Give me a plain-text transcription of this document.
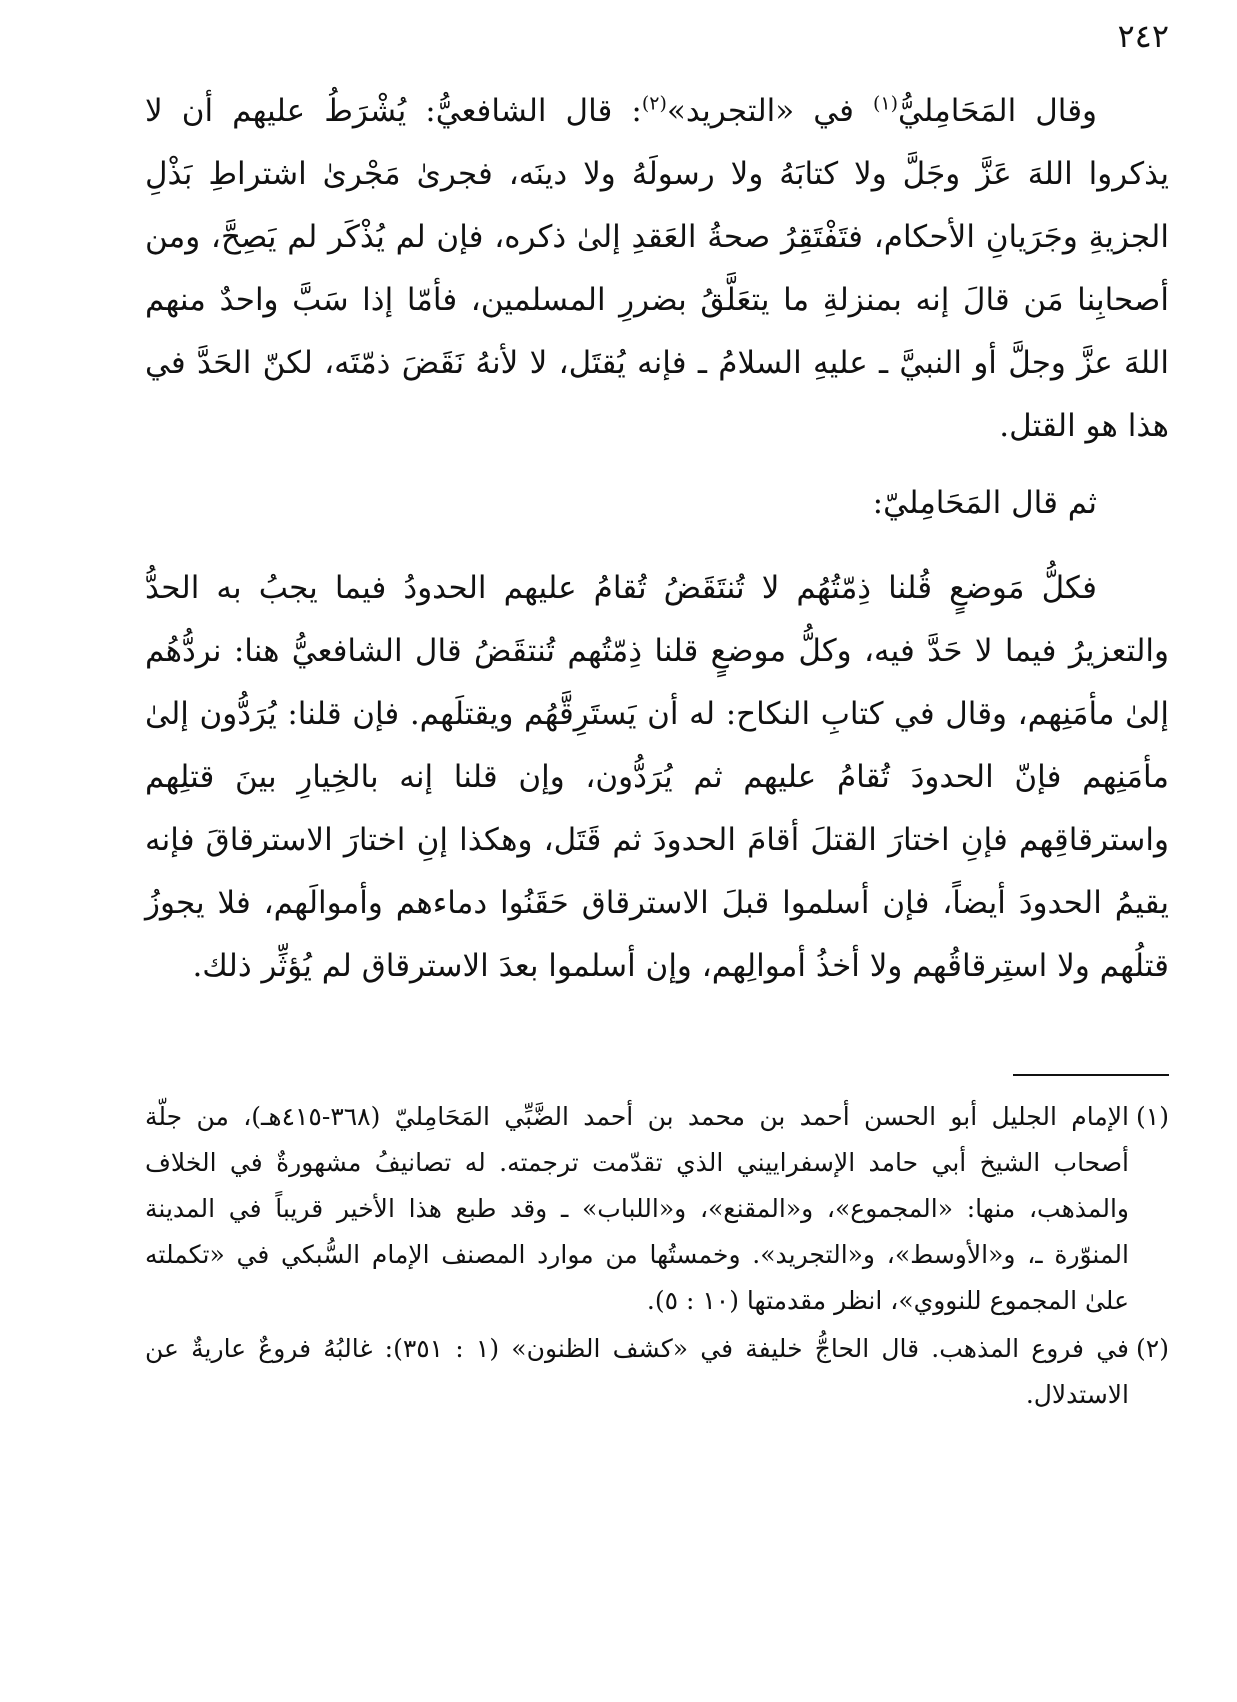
٢٤٢

وقال المَحَامِليُّ$^{(١)}$ في «التجريد»$^{(٢)}$: قال الشافعيُّ: يُشْرَطُ عليهم أن لا يذكروا اللهَ عَزَّ وجَلَّ ولا كتابَهُ ولا رسولَهُ ولا دينَه، فجرىٰ مَجْرىٰ اشتراطِ بَذْلِ الجزيةِ وجَرَيانِ الأحكام، فتَفْتَقِرُ صحةُ العَقدِ إلىٰ ذكره، فإن لم يُذْكَر لم يَصِحَّ، ومن أصحابِنا مَن قالَ إنه بمنزلةِ ما يتعَلَّقُ بضررِ المسلمين، فأمّا إذا سَبَّ واحدٌ منهم اللهَ عزَّ وجلَّ أو النبيَّ ـ عليهِ السلامُ ـ فإنه يُقتَل، لا لأنهُ نَقَضَ ذمّتَه، لكنّ الحَدَّ في هذا هو القتل.

ثم قال المَحَامِليّ:

فكلُّ مَوضعٍ قُلنا ذِمّتُهُم لا تُنتَقَضُ تُقامُ عليهم الحدودُ فيما يجبُ به الحدُّ والتعزيرُ فيما لا حَدَّ فيه، وكلُّ موضعٍ قلنا ذِمّتُهم تُنتقَضُ قال الشافعيُّ هنا: نردُّهُم إلىٰ مأمَنِهم، وقال في كتابِ النكاح: له أن يَستَرِقَّهُم ويقتلَهم. فإن قلنا: يُرَدُّون إلىٰ مأمَنِهم فإنّ الحدودَ تُقامُ عليهم ثم يُرَدُّون، وإن قلنا إنه بالخِيارِ بينَ قتلِهم واسترقاقِهم فإنِ اختارَ القتلَ أقامَ الحدودَ ثم قَتَل، وهكذا إنِ اختارَ الاسترقاقَ فإنه يقيمُ الحدودَ أيضاً، فإن أسلموا قبلَ الاسترقاق حَقَنُوا دماءهم وأموالَهم، فلا يجوزُ قتلُهم ولا استِرقاقُهم ولا أخذُ أموالِهم، وإن أسلموا بعدَ الاسترقاق لم يُؤثِّر ذلك.

(١)
الإمام الجليل أبو الحسن أحمد بن محمد بن أحمد الضَّبِّي المَحَامِليّ (٣٦٨-٤١٥هـ)، من جلّة أصحاب الشيخ أبي حامد الإسفراييني الذي تقدّمت ترجمته. له تصانيفُ مشهورةٌ في الخلاف والمذهب، منها: «المجموع»، و«المقنع»، و«اللباب» ـ وقد طبع هذا الأخير قريباً في المدينة المنوّرة ـ، و«الأوسط»، و«التجريد». وخمستُها من موارد المصنف الإمام السُّبكي في «تكملته علىٰ المجموع للنووي»، انظر مقدمتها (١٠ : ٥).

(٢)
في فروع المذهب. قال الحاجُّ خليفة في «كشف الظنون» (١ : ٣٥١): غالبُهُ فروعٌ عاريةٌ عن الاستدلال.
